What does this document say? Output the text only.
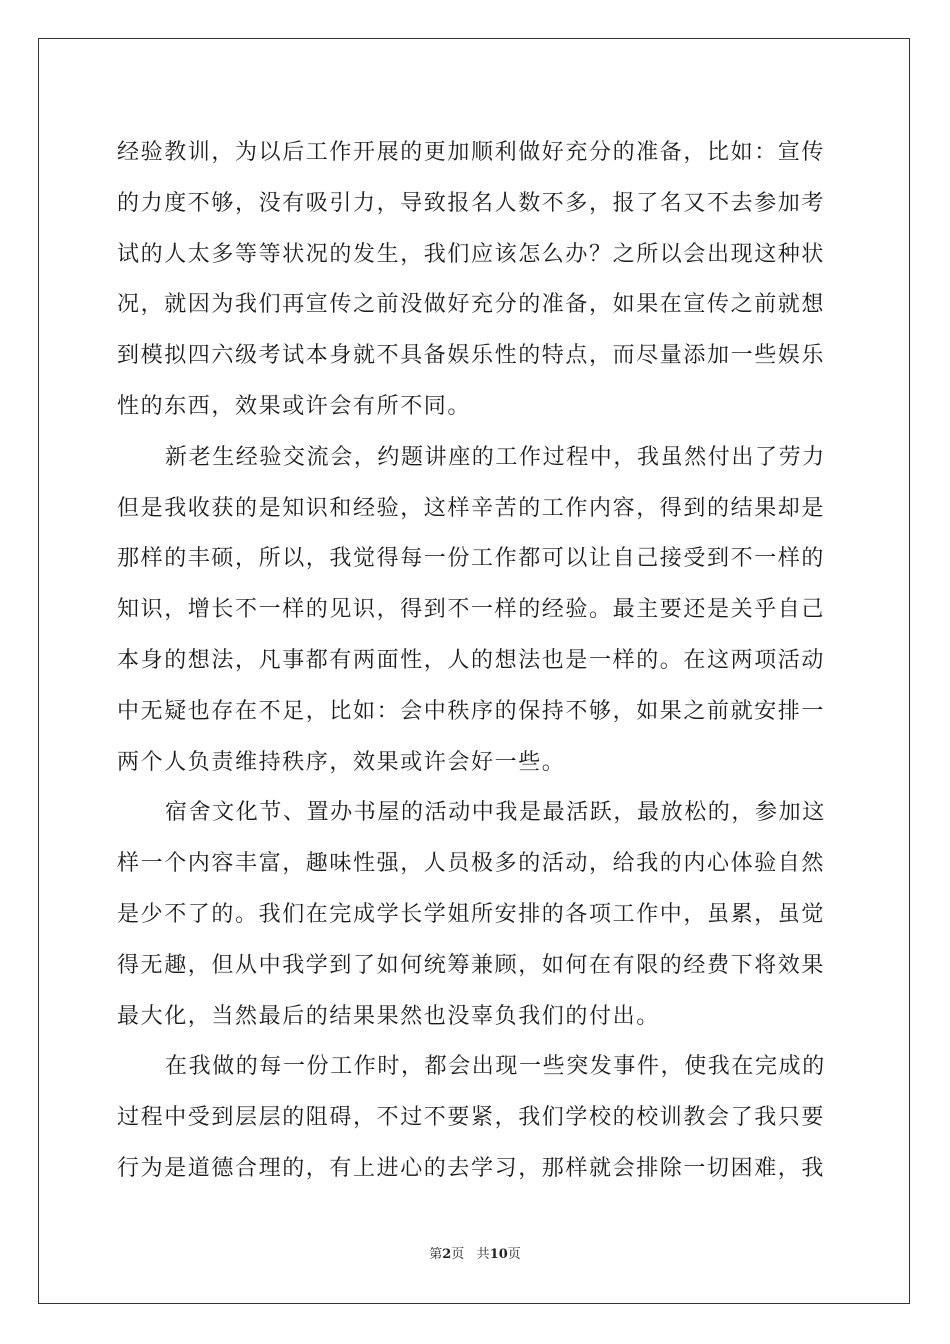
经验教训，为以后工作开展的更加顺利做好充分的准备，比如：宣传
的力度不够，没有吸引力，导致报名人数不多，报了名又不去参加考
试的人太多等等状况的发生，我们应该怎么办？之所以会出现这种状
况，就因为我们再宣传之前没做好充分的准备，如果在宣传之前就想
到模拟四六级考试本身就不具备娱乐性的特点，而尽量添加一些娱乐
性的东西，效果或许会有所不同。
新老生经验交流会，约题讲座的工作过程中，我虽然付出了劳力
但是我收获的是知识和经验，这样辛苦的工作内容，得到的结果却是
那样的丰硕，所以，我觉得每一份工作都可以让自己接受到不一样的
知识，增长不一样的见识，得到不一样的经验。最主要还是关乎自己
本身的想法，凡事都有两面性，人的想法也是一样的。在这两项活动
中无疑也存在不足，比如：会中秩序的保持不够，如果之前就安排一
两个人负责维持秩序，效果或许会好一些。
宿舍文化节、置办书屋的活动中我是最活跃，最放松的，参加这
样一个内容丰富，趣味性强，人员极多的活动，给我的内心体验自然
是少不了的。我们在完成学长学姐所安排的各项工作中，虽累，虽觉
得无趣，但从中我学到了如何统筹兼顾，如何在有限的经费下将效果
最大化，当然最后的结果果然也没辜负我们的付出。
在我做的每一份工作时，都会出现一些突发事件，使我在完成的
过程中受到层层的阻碍，不过不要紧，我们学校的校训教会了我只要
行为是道德合理的，有上进心的去学习，那样就会排除一切困难，我
第2页 共10页
